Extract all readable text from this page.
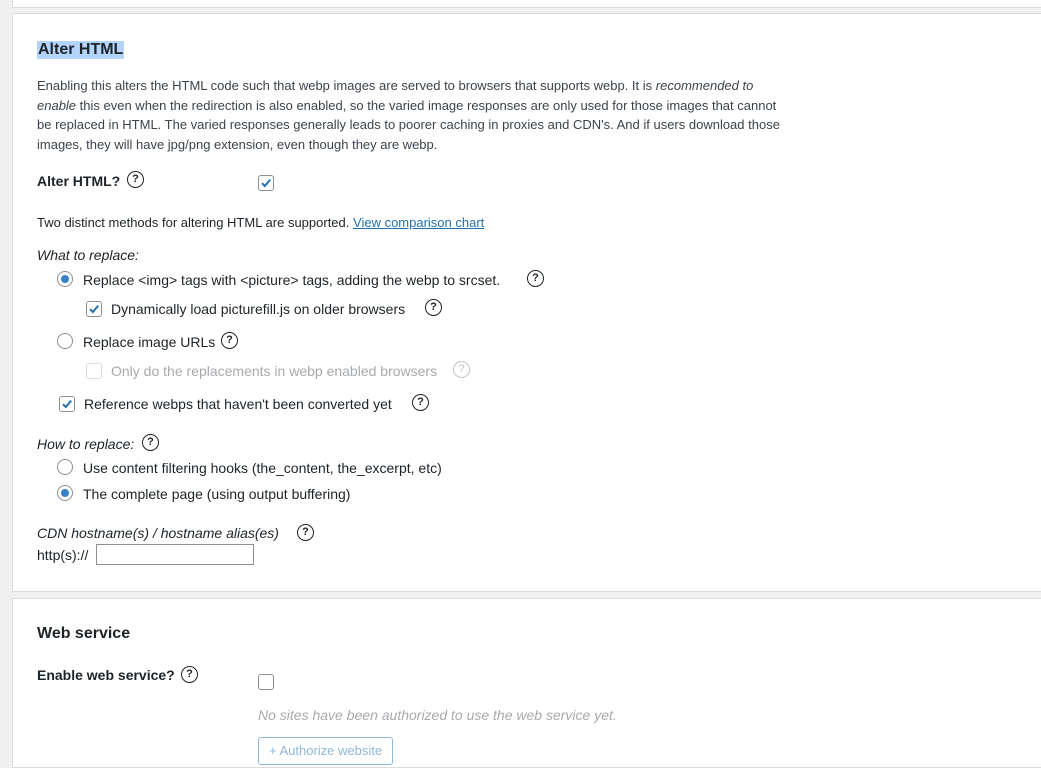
Alter HTML
Enabling this alters the HTML code such that webp images are served to browsers that supports webp. It is recommended to enable this even when the redirection is also enabled, so the varied image responses are only used for those images that cannot be replaced in HTML. The varied responses generally leads to poorer caching in proxies and CDN's. And if users download those images, they will have jpg/png extension, even though they are webp.
Alter HTML?	?
Two distinct methods for altering HTML are supported. View comparison chart
What to replace:
Replace <img> tags with <picture> tags, adding the webp to srcset.	?
Dynamically load picturefill.js on older browsers	?
Replace image URLs ?
Only do the replacements in webp enabled browsers	?
Reference webps that haven't been converted yet	?
How to replace:	?
Use content filtering hooks (the_content, the_excerpt, etc)
The complete page (using output buffering)
CDN hostname(s) / hostname alias(es)	?
http(s)://
Web service
Enable web service?	?
No sites have been authorized to use the web service yet.
+ Authorize website
